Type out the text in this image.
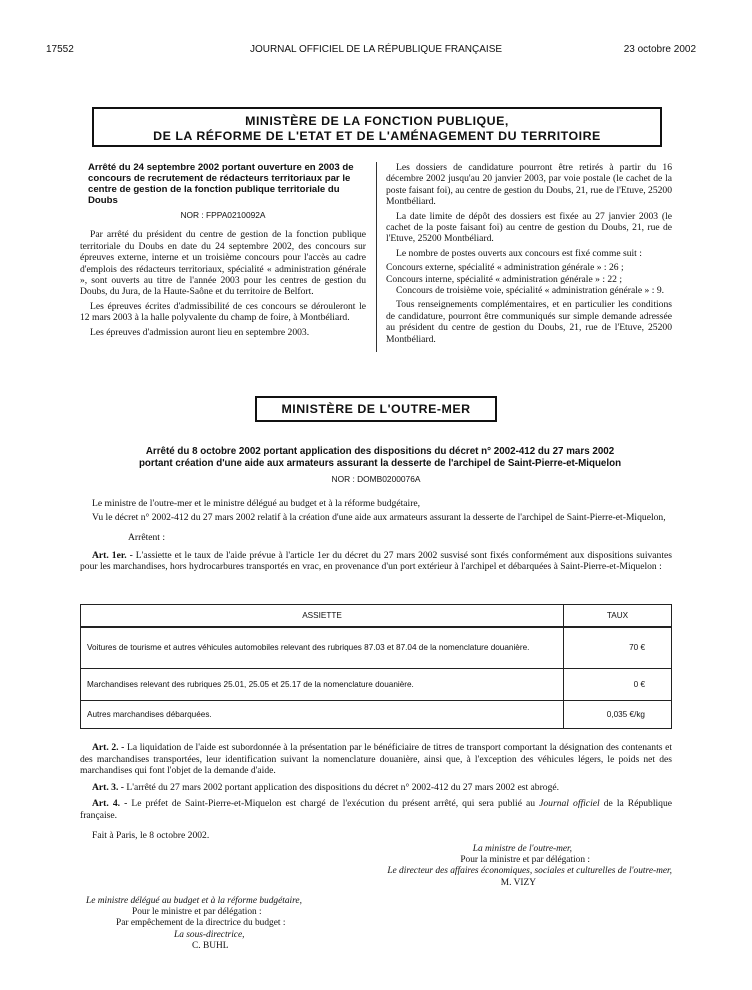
17552	JOURNAL OFFICIEL DE LA RÉPUBLIQUE FRANÇAISE	23 octobre 2002
MINISTÈRE DE LA FONCTION PUBLIQUE,
DE LA RÉFORME DE L'ETAT ET DE L'AMÉNAGEMENT DU TERRITOIRE
Arrêté du 24 septembre 2002 portant ouverture en 2003 de concours de recrutement de rédacteurs territoriaux par le centre de gestion de la fonction publique territoriale du Doubs
NOR : FPPA0210092A

Par arrêté du président du centre de gestion de la fonction publique territoriale du Doubs en date du 24 septembre 2002, des concours sur épreuves externe, interne et un troisième concours pour l'accès au cadre d'emplois des rédacteurs territoriaux, spécialité « administration générale », sont ouverts au titre de l'année 2003 pour les centres de gestion du Doubs, du Jura, de la Haute-Saône et du territoire de Belfort.

Les épreuves écrites d'admissibilité de ces concours se dérouleront le 12 mars 2003 à la halle polyvalente du champ de foire, à Montbéliard.

Les épreuves d'admission auront lieu en septembre 2003.

Les dossiers de candidature pourront être retirés à partir du 16 décembre 2002 jusqu'au 20 janvier 2003, par voie postale (le cachet de la poste faisant foi), au centre de gestion du Doubs, 21, rue de l'Etuve, 25200 Montbéliard.

La date limite de dépôt des dossiers est fixée au 27 janvier 2003 (le cachet de la poste faisant foi) au centre de gestion du Doubs, 21, rue de l'Etuve, 25200 Montbéliard.

Le nombre de postes ouverts aux concours est fixé comme suit :

Concours externe, spécialité « administration générale » : 26 ;

Concours interne, spécialité « administration générale » : 22 ;

Concours de troisième voie, spécialité « administration générale » : 9.

Tous renseignements complémentaires, et en particulier les conditions de candidature, pourront être communiqués sur simple demande adressée au président du centre de gestion du Doubs, 21, rue de l'Etuve, 25200 Montbéliard.

MINISTÈRE DE L'OUTRE-MER
Arrêté du 8 octobre 2002 portant application des dispositions du décret n° 2002-412 du 27 mars 2002
portant création d'une aide aux armateurs assurant la desserte de l'archipel de Saint-Pierre-et-Miquelon
NOR : DOMB0200076A

Le ministre de l'outre-mer et le ministre délégué au budget et à la réforme budgétaire,

Vu le décret n° 2002-412 du 27 mars 2002 relatif à la création d'une aide aux armateurs assurant la desserte de l'archipel de Saint-Pierre-et-Miquelon,

Arrêtent :

Art. 1er. - L'assiette et le taux de l'aide prévue à l'article 1er du décret du 27 mars 2002 susvisé sont fixés conformément aux dispositions suivantes pour les marchandises, hors hydrocarbures transportés en vrac, en provenance d'un port extérieur à l'archipel et débarquées à Saint-Pierre-et-Miquelon :

ASSIETTE	TAUX
Voitures de tourisme et autres véhicules automobiles relevant des rubriques 87.03 et 87.04 de la nomenclature douanière.	70 €
Marchandises relevant des rubriques 25.01, 25.05 et 25.17 de la nomenclature douanière.	0 €
Autres marchandises débarquées.	0,035 €/kg

Art. 2. - La liquidation de l'aide est subordonnée à la présentation par le bénéficiaire de titres de transport comportant la désignation des contenants et des marchandises transportées, leur identification suivant la nomenclature douanière, ainsi que, à l'exception des véhicules légers, le poids net des marchandises qui font l'objet de la demande d'aide.

Art. 3. - L'arrêté du 27 mars 2002 portant application des dispositions du décret n° 2002-412 du 27 mars 2002 est abrogé.

Art. 4. - Le préfet de Saint-Pierre-et-Miquelon est chargé de l'exécution du présent arrêté, qui sera publié au Journal officiel de la République française.

Fait à Paris, le 8 octobre 2002.

La ministre de l'outre-mer,
Pour la ministre et par délégation :
Le directeur des affaires économiques, sociales et culturelles de l'outre-mer,
M. VIZY
Le ministre délégué au budget et à la réforme budgétaire,
Pour le ministre et par délégation :
Par empêchement de la directrice du budget :
La sous-directrice,
C. BUHL
